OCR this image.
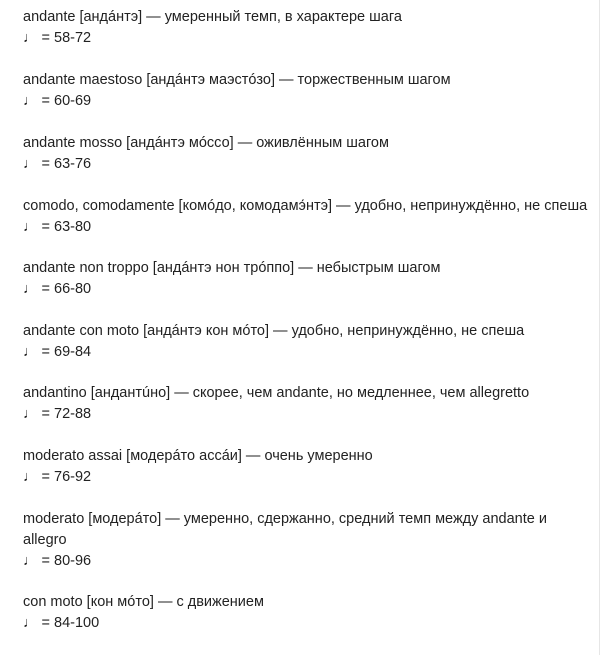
andante [андáнтэ] — умеренный темп, в характере шага
♩ = 58-72
andante maestoso [андáнтэ маэстóзо] — торжественным шагом
♩ = 60-69
andante mosso [андáнтэ мóссо] — оживлённым шагом
♩ = 63-76
comodo, comodamente [комóдо, комодамэ́нтэ] — удобно, непринуждённо, не спеша
♩ = 63-80
andante non troppo [андáнтэ нон трóппо] — небыстрым шагом
♩ = 66-80
andante con moto [андáнтэ кон мóто] — удобно, непринуждённо, не спеша
♩ = 69-84
andantino [андантúно] — скорее, чем andante, но медленнее, чем allegretto
♩ = 72-88
moderato assai [модерáто ассáи] — очень умеренно
♩ = 76-92
moderato [модерáто] — умеренно, сдержанно, средний темп между andante и allegro
♩ = 80-96
con moto [кон мóто] — с движением
♩ = 84-100
